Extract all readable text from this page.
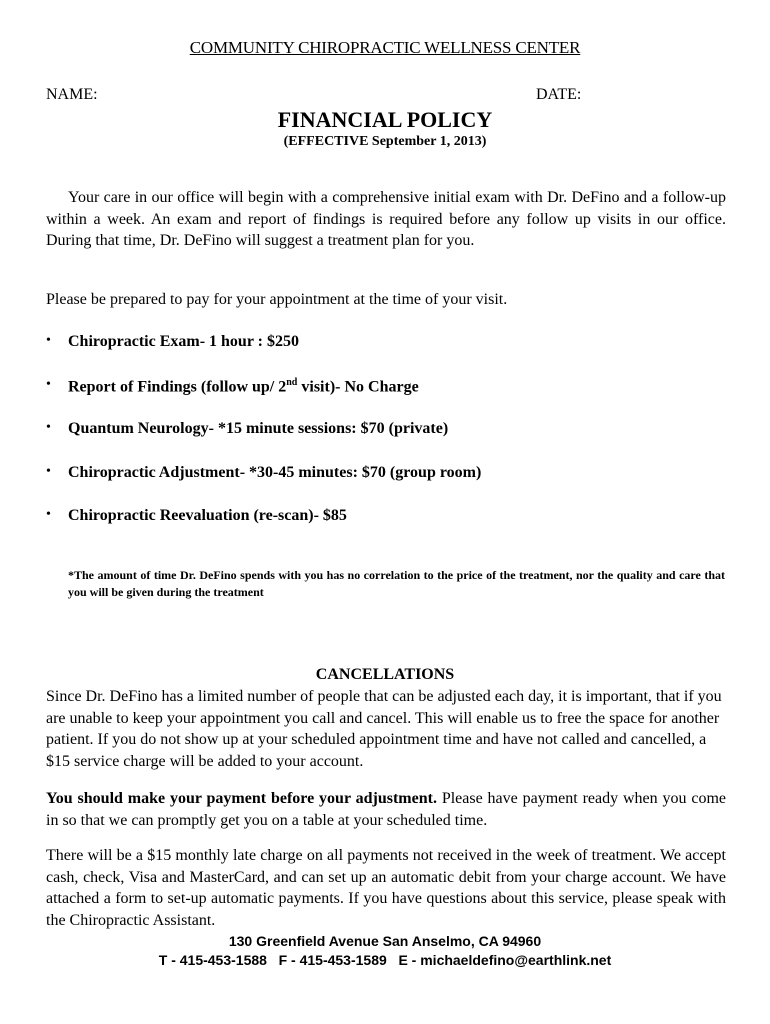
COMMUNITY CHIROPRACTIC WELLNESS CENTER
NAME:	DATE:
FINANCIAL POLICY
(EFFECTIVE September 1, 2013)
Your care in our office will begin with a comprehensive initial exam with Dr. DeFino and a follow-up within a week. An exam and report of findings is required before any follow up visits in our office. During that time, Dr. DeFino will suggest a treatment plan for you.
Please be prepared to pay for your appointment at the time of your visit.
• Chiropractic Exam- 1 hour : $250
• Report of Findings (follow up/ 2nd visit)- No Charge
• Quantum Neurology- *15 minute sessions: $70 (private)
• Chiropractic Adjustment- *30-45 minutes: $70 (group room)
• Chiropractic Reevaluation (re-scan)- $85
*The amount of time Dr. DeFino spends with you has no correlation to the price of the treatment, nor the quality and care that you will be given during the treatment
CANCELLATIONS
Since Dr. DeFino has a limited number of people that can be adjusted each day, it is important, that if you are unable to keep your appointment you call and cancel. This will enable us to free the space for another patient. If you do not show up at your scheduled appointment time and have not called and cancelled, a $15 service charge will be added to your account.
You should make your payment before your adjustment. Please have payment ready when you come in so that we can promptly get you on a table at your scheduled time.
There will be a $15 monthly late charge on all payments not received in the week of treatment. We accept cash, check, Visa and MasterCard, and can set up an automatic debit from your charge account. We have attached a form to set-up automatic payments. If you have questions about this service, please speak with the Chiropractic Assistant.
130 Greenfield Avenue San Anselmo, CA 94960
T - 415-453-1588   F - 415-453-1589   E - michaeldefino@earthlink.net
